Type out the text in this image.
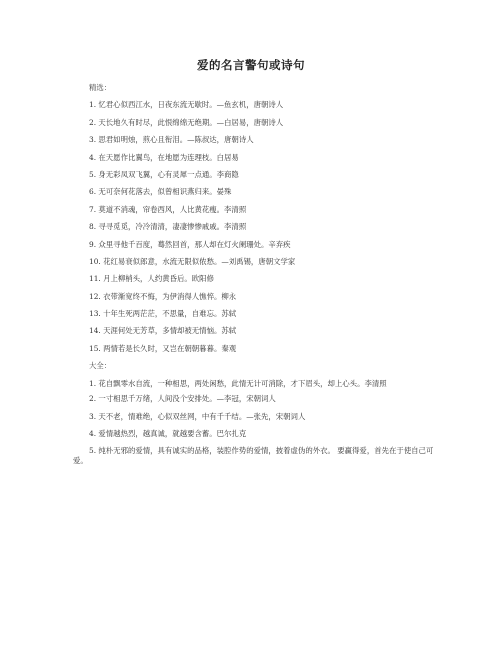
爱的名言警句或诗句
精选：
1. 忆君心似西江水，日夜东流无歇时。—鱼玄机，唐朝诗人
2. 天长地久有时尽，此恨绵绵无绝期。—白居易，唐朝诗人
3. 思君如明烛，煎心且衔泪。—陈叔达，唐朝诗人
4. 在天愿作比翼鸟，在地愿为连理枝。白居易
5. 身无彩凤双飞翼，心有灵犀一点通。李商隐
6. 无可奈何花落去，似曾相识燕归来。晏殊
7. 莫道不消魂，帘卷西风，人比黄花瘦。李清照
8. 寻寻觅觅，冷冷清清，凄凄惨惨戚戚。李清照
9. 众里寻他千百度，蓦然回首，那人却在灯火阑珊处。辛弃疾
10. 花红易衰似郎意，水流无限似侬愁。—刘禹锡，唐朝文学家
11. 月上柳梢头，人约黄昏后。欧阳修
12. 衣带渐宽终不悔，为伊消得人憔悴。柳永
13. 十年生死两茫茫，不思量，自难忘。苏轼
14. 天涯何处无芳草，多情却被无情恼。苏轼
15. 两情若是长久时，又岂在朝朝暮暮。秦观
大全：
1. 花自飘零水自流，一种相思，两处闲愁，此情无计可消除，才下眉头，却上心头。李清照
2. 一寸相思千万绪，人间没个安排处。—李冠，宋朝词人
3. 天不老，情难绝，心似双丝网，中有千千结。—张先，宋朝词人
4. 爱情越热烈，越真诚，就越要含蓄。巴尔扎克
5. 纯朴无邪的爱情，具有诚实的品格，装腔作势的爱情，披着虚伪的外衣。 要赢得爱，首先在于使自己可爱。
